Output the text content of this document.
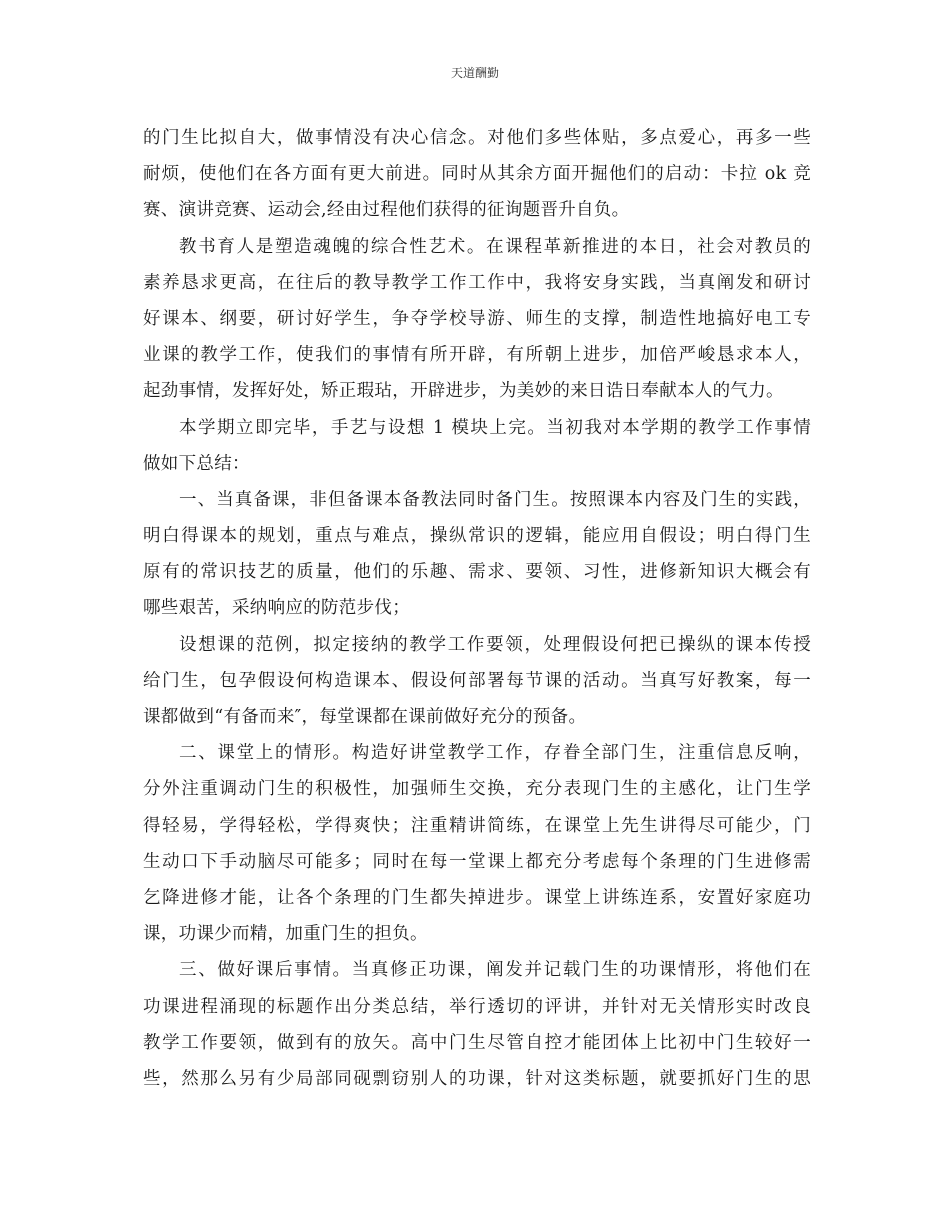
天道酬勤
的门生比拟自大，做事情没有决心信念。对他们多些体贴，多点爱心，再多一些
耐烦，使他们在各方面有更大前进。同时从其余方面开掘他们的启动：卡拉 ok 竞
赛、演讲竞赛、运动会,经由过程他们获得的征询题晋升自负。
教书育人是塑造魂魄的综合性艺术。在课程革新推进的本日，社会对教员的
素养恳求更高，在往后的教导教学工作工作中，我将安身实践，当真阐发和研讨
好课本、纲要，研讨好学生，争夺学校导游、师生的支撑，制造性地搞好电工专
业课的教学工作，使我们的事情有所开辟，有所朝上进步，加倍严峻恳求本人，
起劲事情，发挥好处，矫正瑕玷，开辟进步，为美妙的来日诰日奉献本人的气力。
本学期立即完毕，手艺与设想 1 模块上完。当初我对本学期的教学工作事情
做如下总结：
一、当真备课，非但备课本备教法同时备门生。按照课本内容及门生的实践，
明白得课本的规划，重点与难点，操纵常识的逻辑，能应用自假设；明白得门生
原有的常识技艺的质量，他们的乐趣、需求、要领、习性，进修新知识大概会有
哪些艰苦，采纳响应的防范步伐；
设想课的范例，拟定接纳的教学工作要领，处理假设何把已操纵的课本传授
给门生，包孕假设何构造课本、假设何部署每节课的活动。当真写好教案，每一
课都做到“有备而来″，每堂课都在课前做好充分的预备。
二、课堂上的情形。构造好讲堂教学工作，存眷全部门生，注重信息反响，
分外注重调动门生的积极性，加强师生交换，充分表现门生的主感化，让门生学
得轻易，学得轻松，学得爽快；注重精讲简练，在课堂上先生讲得尽可能少，门
生动口下手动脑尽可能多；同时在每一堂课上都充分考虑每个条理的门生进修需
乞降进修才能，让各个条理的门生都失掉进步。课堂上讲练连系，安置好家庭功
课，功课少而精，加重门生的担负。
三、做好课后事情。当真修正功课，阐发并记载门生的功课情形，将他们在
功课进程涌现的标题作出分类总结，举行透切的评讲，并针对无关情形实时改良
教学工作要领，做到有的放矢。高中门生尽管自控才能团体上比初中门生较好一
些，然那么另有少局部同砚剽窃别人的功课，针对这类标题，就要抓好门生的思
